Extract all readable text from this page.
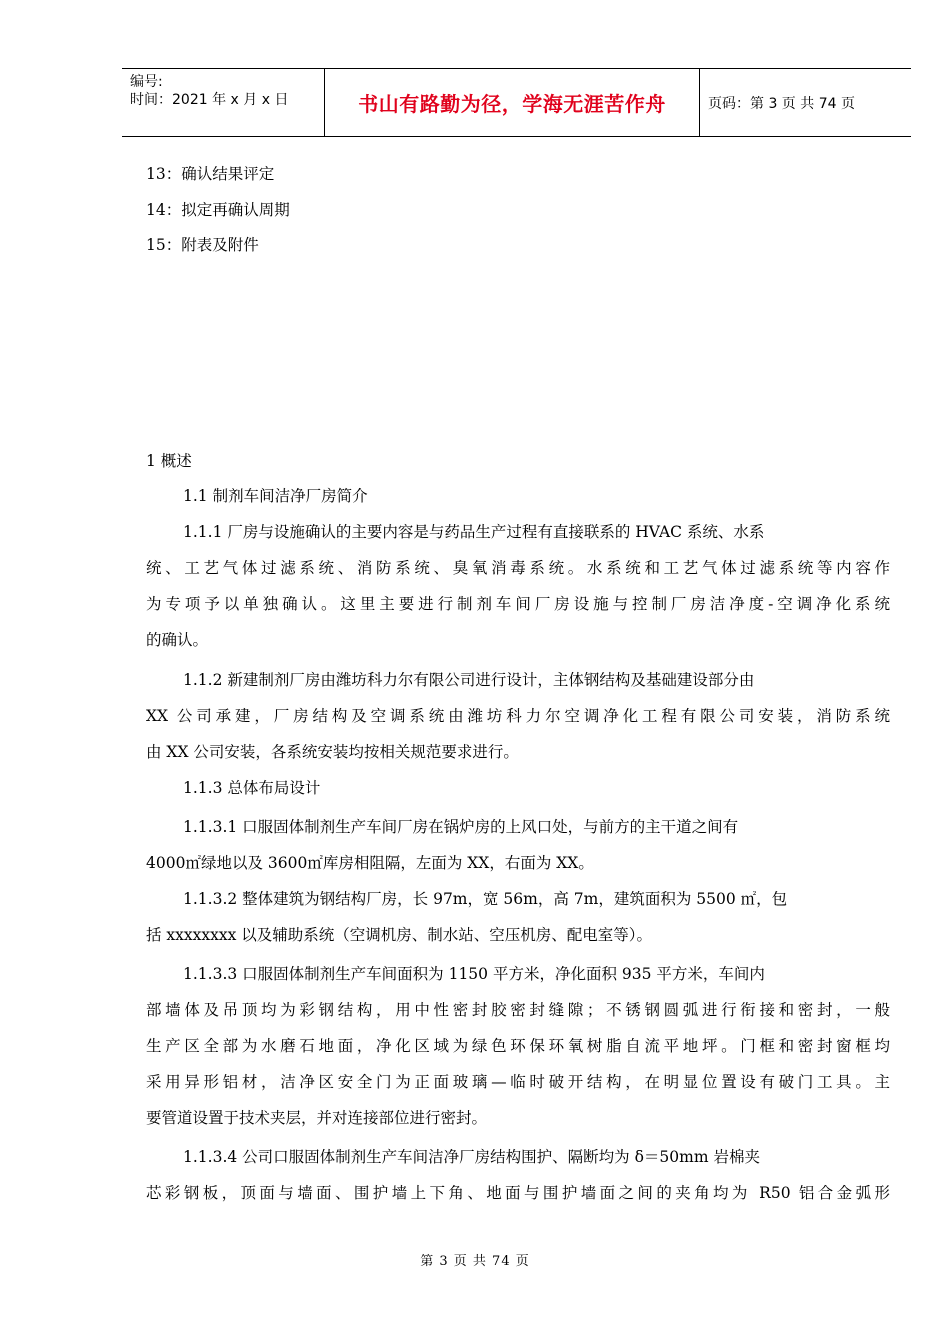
编号:
时间：2021 年 x 月 x 日	书山有路勤为径，学海无涯苦作舟	页码：第 3 页 共 74 页
13：确认结果评定
14：拟定再确认周期
15：附表及附件
1 概述
1.1 制剂车间洁净厂房简介
1.1.1 厂房与设施确认的主要内容是与药品生产过程有直接联系的 HVAC 系统、水系
统、工艺气体过滤系统、消防系统、臭氧消毒系统。水系统和工艺气体过滤系统等内容作
为专项予以单独确认。这里主要进行制剂车间厂房设施与控制厂房洁净度-空调净化系统
的确认。
1.1.2 新建制剂厂房由潍坊科力尔有限公司进行设计，主体钢结构及基础建设部分由
XX 公司承建，厂房结构及空调系统由潍坊科力尔空调净化工程有限公司安装，消防系统
由 XX 公司安装，各系统安装均按相关规范要求进行。
1.1.3 总体布局设计
1.1.3.1 口服固体制剂生产车间厂房在锅炉房的上风口处，与前方的主干道之间有
4000㎡绿地以及 3600㎡库房相阻隔，左面为 XX，右面为 XX。
1.1.3.2 整体建筑为钢结构厂房，长 97m，宽 56m，高 7m，建筑面积为 5500 ㎡，包
括 xxxxxxxx 以及辅助系统（空调机房、制水站、空压机房、配电室等）。
1.1.3.3 口服固体制剂生产车间面积为 1150 平方米，净化面积 935 平方米，车间内
部墙体及吊顶均为彩钢结构，用中性密封胶密封缝隙；不锈钢圆弧进行衔接和密封，一般
生产区全部为水磨石地面，净化区域为绿色环保环氧树脂自流平地坪。门框和密封窗框均
采用异形铝材，洁净区安全门为正面玻璃—临时破开结构，在明显位置设有破门工具。主
要管道设置于技术夹层，并对连接部位进行密封。
1.1.3.4 公司口服固体制剂生产车间洁净厂房结构围护、隔断均为 δ＝50mm 岩棉夹
芯彩钢板，顶面与墙面、围护墙上下角、地面与围护墙面之间的夹角均为 R50 铝合金弧形
第 3 页 共 74 页
